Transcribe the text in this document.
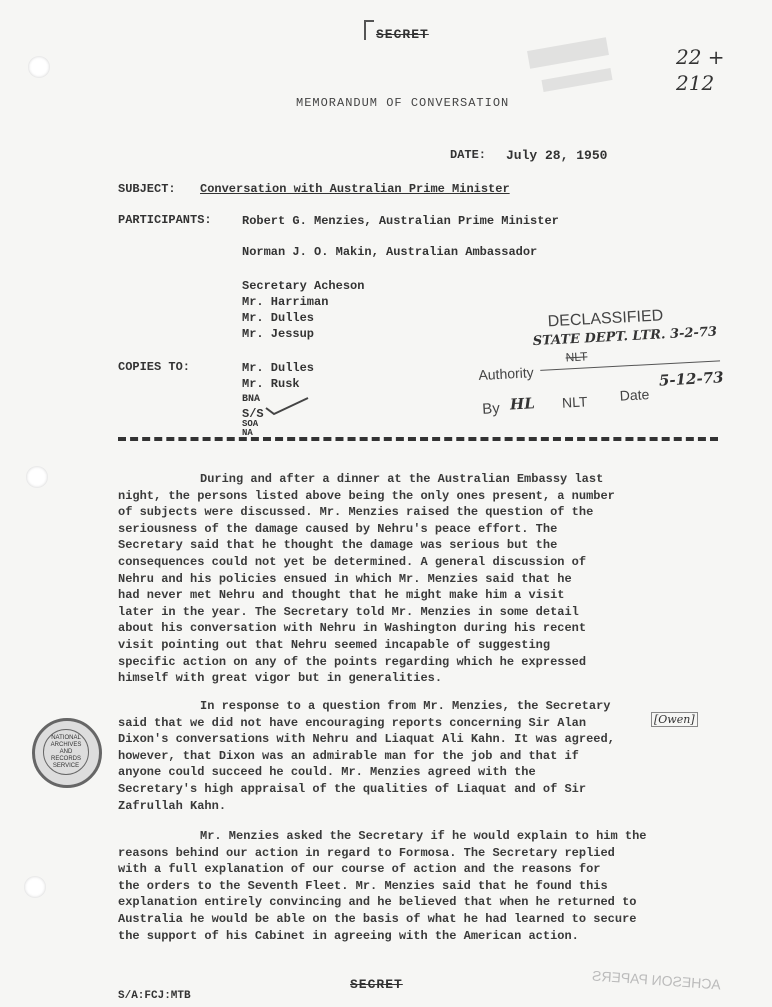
SECRET
22 + 212
MEMORANDUM OF CONVERSATION
DATE: July 28, 1950
SUBJECT: Conversation with Australian Prime Minister
PARTICIPANTS:	Robert G. Menzies, Australian Prime Minister
Norman J. O. Makin, Australian Ambassador
Secretary Acheson
Mr. Harriman
Mr. Dulles
Mr. Jessup
COPIES TO:	Mr. Dulles
Mr. Rusk
BNA
S/S
SOA
NA
DECLASSIFIED
Authority
STATE DEPT. LTR. 3-2-73
NLT
By HL NLT Date
5-12-73
During and after a dinner at the Australian Embassy last
night, the persons listed above being the only ones present, a number
of subjects were discussed. Mr. Menzies raised the question of the
seriousness of the damage caused by Nehru's peace effort. The
Secretary said that he thought the damage was serious but the
consequences could not yet be determined. A general discussion of
Nehru and his policies ensued in which Mr. Menzies said that he
had never met Nehru and thought that he might make him a visit
later in the year. The Secretary told Mr. Menzies in some detail
about his conversation with Nehru in Washington during his recent
visit pointing out that Nehru seemed incapable of suggesting
specific action on any of the points regarding which he expressed
himself with great vigor but in generalities.
In response to a question from Mr. Menzies, the Secretary
said that we did not have encouraging reports concerning Sir Alan
Dixon's conversations with Nehru and Liaquat Ali Kahn. It was agreed,
however, that Dixon was an admirable man for the job and that if
anyone could succeed he could. Mr. Menzies agreed with the
Secretary's high appraisal of the qualities of Liaquat and of Sir
Zafrullah Kahn.
[Owen]
Mr. Menzies asked the Secretary if he would explain to him the
reasons behind our action in regard to Formosa. The Secretary replied
with a full explanation of our course of action and the reasons for
the orders to the Seventh Fleet. Mr. Menzies said that he found this
explanation entirely convincing and he believed that when he returned to
Australia he would be able on the basis of what he had learned to secure
the support of his Cabinet in agreeing with the American action.
NATIONAL
ARCHIVES AND
RECORDS
SERVICE
SECRET
S/A:FCJ:MTB
ACHESON PAPERS
